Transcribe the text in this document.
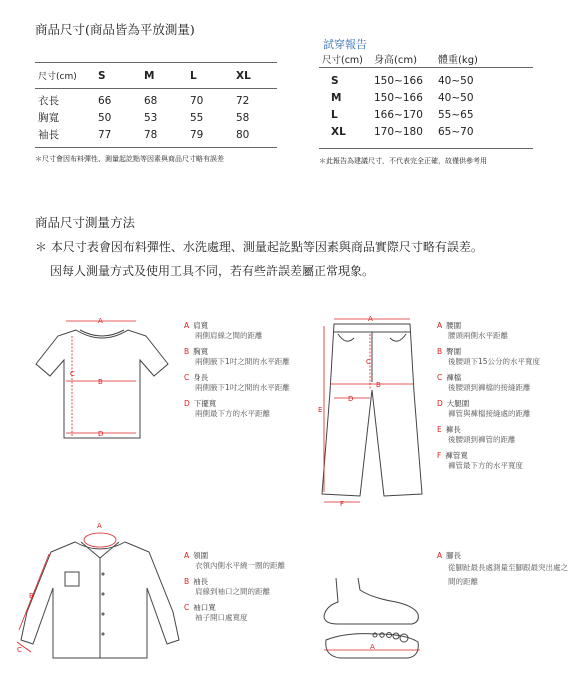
商品尺寸(商品皆為平放測量)
尺寸(cm)	S	M	L	XL

衣長	66	68	70	72
胸寬	50	53	55	58
袖長	77	78	79	80
＊尺寸會因布料彈性、測量起訖點等因素與商品尺寸略有誤差
試穿報告
尺寸(cm)	身高(cm)	體重(kg)

S	150~166	40~50
M	150~166	40~50
L	166~170	55~65
XL	170~180	65~70
＊此報告為建議尺寸，不代表完全正確，故僅供參考用
商品尺寸測量方法
＊ 本尺寸表會因布料彈性、水洗處理、測量起訖點等因素與商品實際尺寸略有誤差。
因每人測量方式及使用工具不同，若有些許誤差屬正常現象。
A
B
C
D
A 肩寬
兩側肩線之間的距離
B 胸寬
兩側腋下1吋之間的水平距離
C 身長
兩側腋下1吋之間的水平距離
D 下擺寬
兩側最下方的水平距離
A
B
C
D
E
F
A 腰圍
腰頭兩側水平距離
B 臀圍
後腰頭下15公分的水平寬度
C 褲檔
後腰頭到褲檔的接縫距離
D 大腿圍
褲管與褲檔接縫處的距離
E 褲長
後腰頭到褲管的距離
F 褲管寬
褲管最下方的水平寬度
A
B
C
A 領圍
衣領內側水平繞一圈的距離
B 袖長
肩線到袖口之間的距離
C 袖口寬
袖子開口處寬度
A
A 腳長
從腳趾最長處測量至腳跟最突出處之間的距離
